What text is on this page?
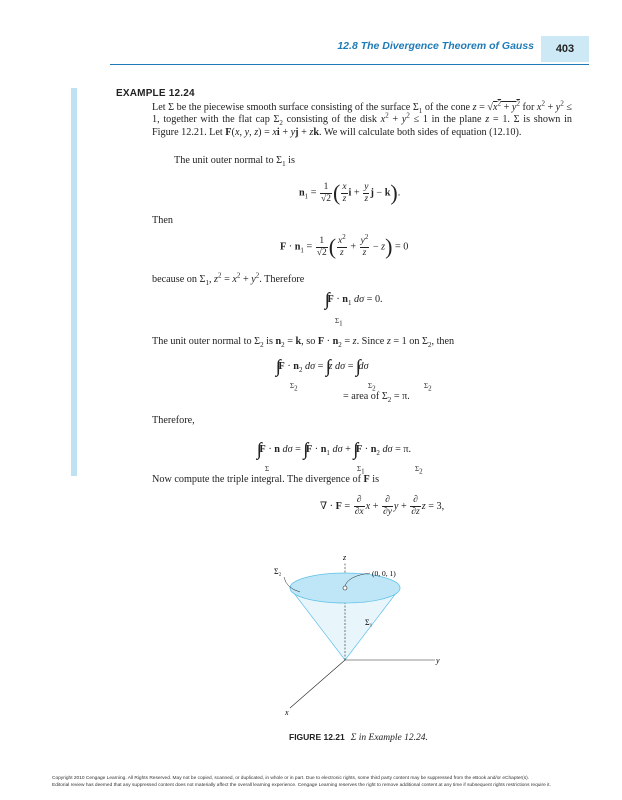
12.8 The Divergence Theorem of Gauss	403
EXAMPLE 12.24
Let Σ be the piecewise smooth surface consisting of the surface $\Sigma_1$ of the cone $z = √x^2 + y^2$ for $x^2 + y^2 \le 1$, together with the flat cap $\Sigma_2$ consisting of the disk $x^2 + y^2 \le 1$ in the plane z = 1. Σ is shown in Figure 12.21. Let F(x, y, z) = xi + yj + zk. We will calculate both sides of equation (12.10).
The unit outer normal to $\Sigma_1$ is
$n_1 = \frac{1}{√2}$ ( $\frac{x}{z}$ $i + \frac{y}{z}$ j − k).
Then
$F \cdot n_1 = \frac{1}{√2}$ ( $\frac{x^2}{z} + \frac{y^2}{z} - z) = 0$
because on $\Sigma_1$, $z^2 = x^2 + y^2$. Therefore
$F \cdot n_1$ dσ = 0.
$\Sigma_1$
The unit outer normal to $\Sigma_2$ is $n_2 = k$, so $F \cdot n_2 = z$. Since z = 1 on $\Sigma_2$, then
$F \cdot n_2$ dσ = z dσ = dσ
$\Sigma_2$	$\Sigma_2$	$\Sigma_2$
= area of $\Sigma_2 = \pi$.
Therefore,
F · n $d\sigma = F \cdot n_1$ $d\sigma + F \cdot n_2$ dσ = π.
Σ	$\Sigma_1$	$\Sigma_2$
Now compute the triple integral. The divergence of F is
∇ · $F = \frac{\partial}{\partial x}$ $x + \frac{\partial}{\partial y}$ $y + \frac{\partial}{\partial z}$ z = 3,
z
y
x
Σ₂
Σ₁
(0, 0, 1)
FIGURE 12.21 Σ in Example 12.24.
Copyright 2010 Cengage Learning. All Rights Reserved. May not be copied, scanned, or duplicated, in whole or in part. Due to electronic rights, some third party content may be suppressed from the eBook and/or eChapter(s).
Editorial review has deemed that any suppressed content does not materially affect the overall learning experience. Cengage Learning reserves the right to remove additional content at any time if subsequent rights restrictions require it.
